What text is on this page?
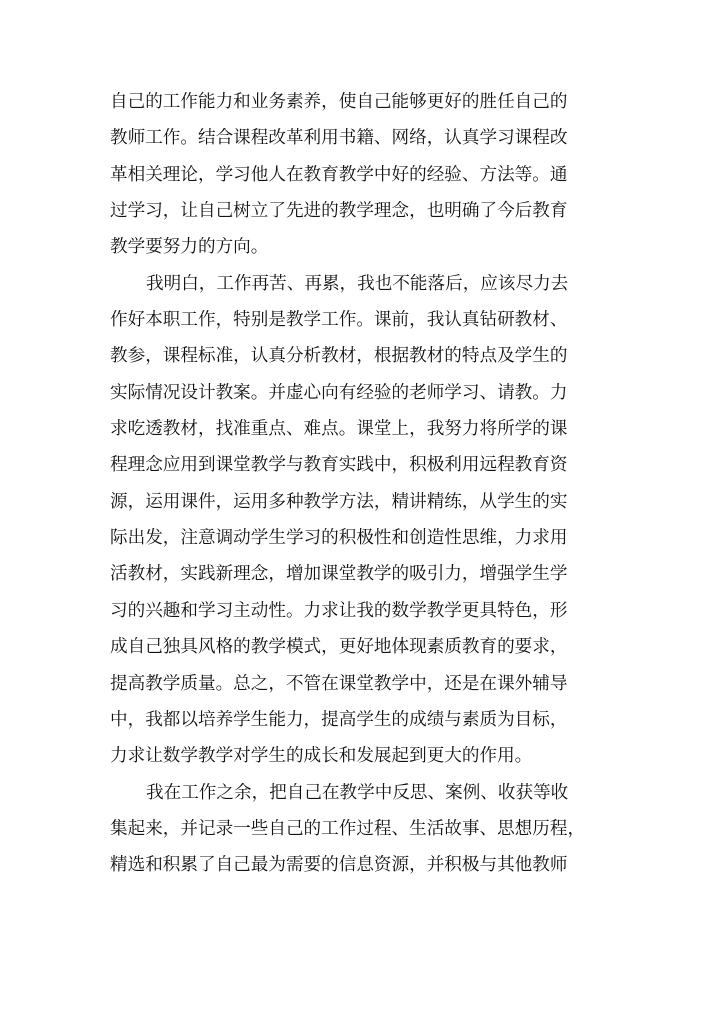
自己的工作能力和业务素养，使自己能够更好的胜任自己的
教师工作。结合课程改革利用书籍、网络，认真学习课程改
革相关理论，学习他人在教育教学中好的经验、方法等。通
过学习，让自己树立了先进的教学理念，也明确了今后教育
教学要努力的方向。
我明白，工作再苦、再累，我也不能落后，应该尽力去
作好本职工作，特别是教学工作。课前，我认真钻研教材、
教参，课程标准，认真分析教材，根据教材的特点及学生的
实际情况设计教案。并虚心向有经验的老师学习、请教。力
求吃透教材，找准重点、难点。课堂上，我努力将所学的课
程理念应用到课堂教学与教育实践中，积极利用远程教育资
源，运用课件，运用多种教学方法，精讲精练，从学生的实
际出发，注意调动学生学习的积极性和创造性思维，力求用
活教材，实践新理念，增加课堂教学的吸引力，增强学生学
习的兴趣和学习主动性。力求让我的数学教学更具特色，形
成自己独具风格的教学模式，更好地体现素质教育的要求，
提高教学质量。总之，不管在课堂教学中，还是在课外辅导
中，我都以培养学生能力，提高学生的成绩与素质为目标，
力求让数学教学对学生的成长和发展起到更大的作用。
我在工作之余，把自己在教学中反思、案例、收获等收
集起来，并记录一些自己的工作过程、生活故事、思想历程，
精选和积累了自己最为需要的信息资源，并积极与其他教师
